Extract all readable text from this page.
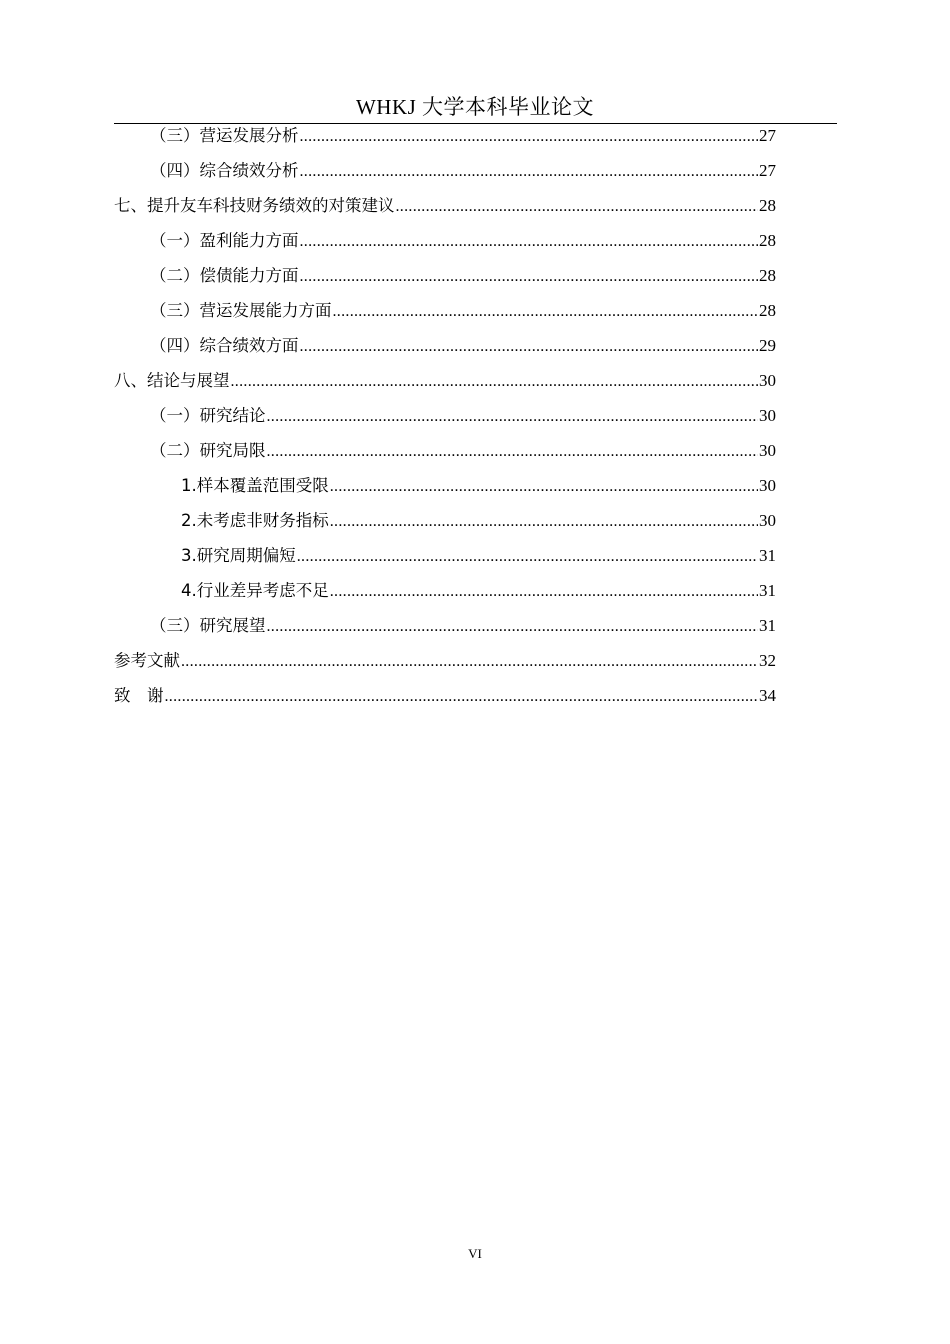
WHKJ 大学本科毕业论文
（三）营运发展分析 .....	27
（四）综合绩效分析 .....	27
七、提升友车科技财务绩效的对策建议 .....	28
（一）盈利能力方面 .....	28
（二）偿债能力方面 .....	28
（三）营运发展能力方面 .....	28
（四）综合绩效方面 .....	29
八、结论与展望 .....	30
（一）研究结论 .....	30
（二）研究局限 .....	30
1.样本覆盖范围受限 .....	30
2.未考虑非财务指标 .....	30
3.研究周期偏短 .....	31
4.行业差异考虑不足 .....	31
（三）研究展望 .....	31
参考文献 .....	32
致　谢 .....	34
VI
